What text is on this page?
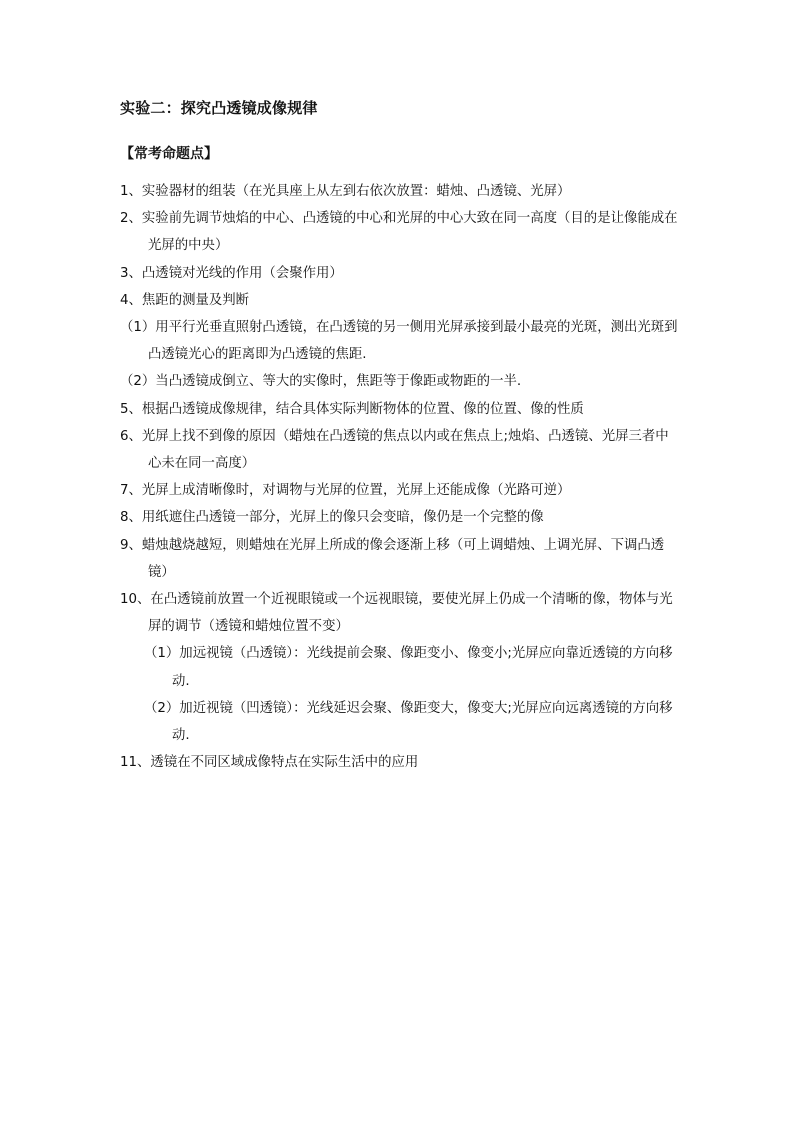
实验二：探究凸透镜成像规律
【常考命题点】

1、实验器材的组装（在光具座上从左到右依次放置：蜡烛、凸透镜、光屏）

2、实验前先调节烛焰的中心、凸透镜的中心和光屏的中心大致在同一高度（目的是让像能成在光屏的中央）

3、凸透镜对光线的作用（会聚作用）

4、焦距的测量及判断

（1）用平行光垂直照射凸透镜，在凸透镜的另一侧用光屏承接到最小最亮的光斑，测出光斑到凸透镜光心的距离即为凸透镜的焦距.

（2）当凸透镜成倒立、等大的实像时，焦距等于像距或物距的一半.

5、根据凸透镜成像规律，结合具体实际判断物体的位置、像的位置、像的性质

6、光屏上找不到像的原因（蜡烛在凸透镜的焦点以内或在焦点上;烛焰、凸透镜、光屏三者中心未在同一高度）

7、光屏上成清晰像时，对调物与光屏的位置，光屏上还能成像（光路可逆）

8、用纸遮住凸透镜一部分，光屏上的像只会变暗，像仍是一个完整的像

9、蜡烛越烧越短，则蜡烛在光屏上所成的像会逐渐上移（可上调蜡烛、上调光屏、下调凸透镜）

10、在凸透镜前放置一个近视眼镜或一个远视眼镜，要使光屏上仍成一个清晰的像，物体与光屏的调节（透镜和蜡烛位置不变）

（1）加远视镜（凸透镜）：光线提前会聚、像距变小、像变小;光屏应向靠近透镜的方向移动.

（2）加近视镜（凹透镜）：光线延迟会聚、像距变大，像变大;光屏应向远离透镜的方向移动.

11、透镜在不同区域成像特点在实际生活中的应用
